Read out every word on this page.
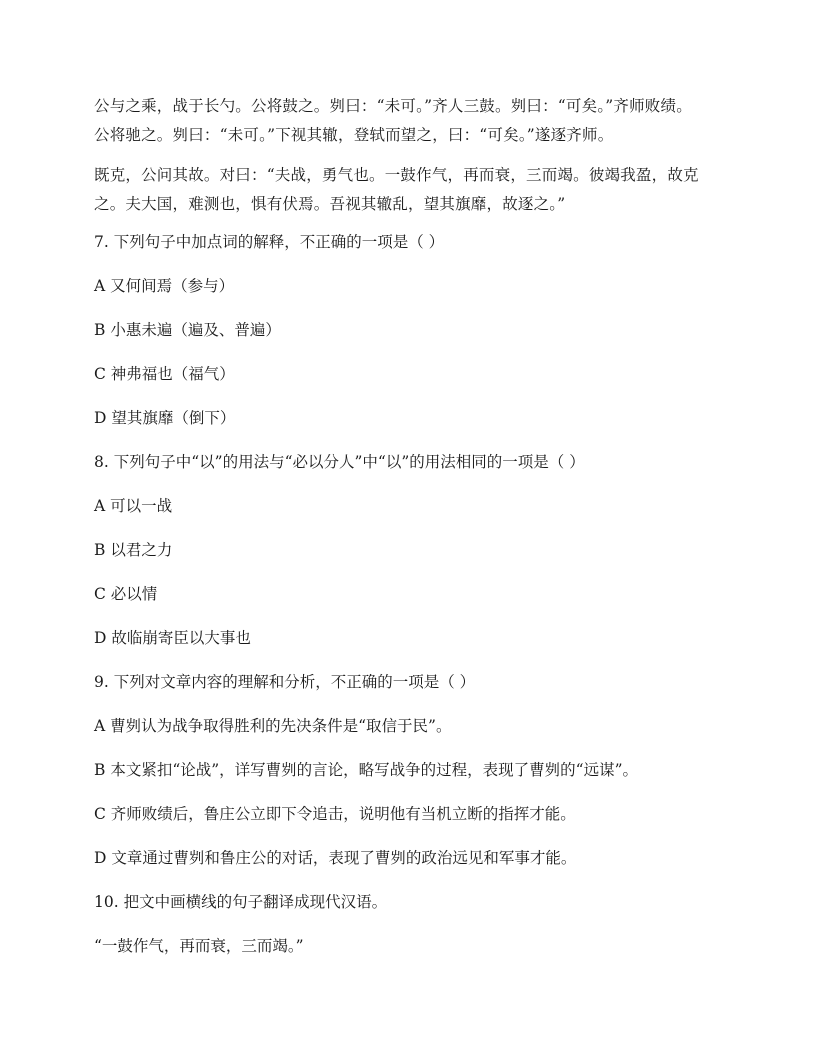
公与之乘，战于长勺。公将鼓之。刿曰：“未可。”齐人三鼓。刿曰：“可矣。”齐师败绩。
公将驰之。刿曰：“未可。”下视其辙，登轼而望之，曰：“可矣。”遂逐齐师。
既克，公问其故。对曰：“夫战，勇气也。一鼓作气，再而衰，三而竭。彼竭我盈，故克
之。夫大国，难测也，惧有伏焉。吾视其辙乱，望其旗靡，故逐之。”

7. 下列句子中加点词的解释，不正确的一项是（ ）

A 又何间焉（参与）

B 小惠未遍（遍及、普遍）

C 神弗福也（福气）

D 望其旗靡（倒下）

8. 下列句子中“以”的用法与“必以分人”中“以”的用法相同的一项是（ ）

A 可以一战

B 以君之力

C 必以情

D 故临崩寄臣以大事也

9. 下列对文章内容的理解和分析，不正确的一项是（ ）

A 曹刿认为战争取得胜利的先决条件是“取信于民”。

B 本文紧扣“论战”，详写曹刿的言论，略写战争的过程，表现了曹刿的“远谋”。

C 齐师败绩后，鲁庄公立即下令追击，说明他有当机立断的指挥才能。

D 文章通过曹刿和鲁庄公的对话，表现了曹刿的政治远见和军事才能。

10. 把文中画横线的句子翻译成现代汉语。

“一鼓作气，再而衰，三而竭。”
